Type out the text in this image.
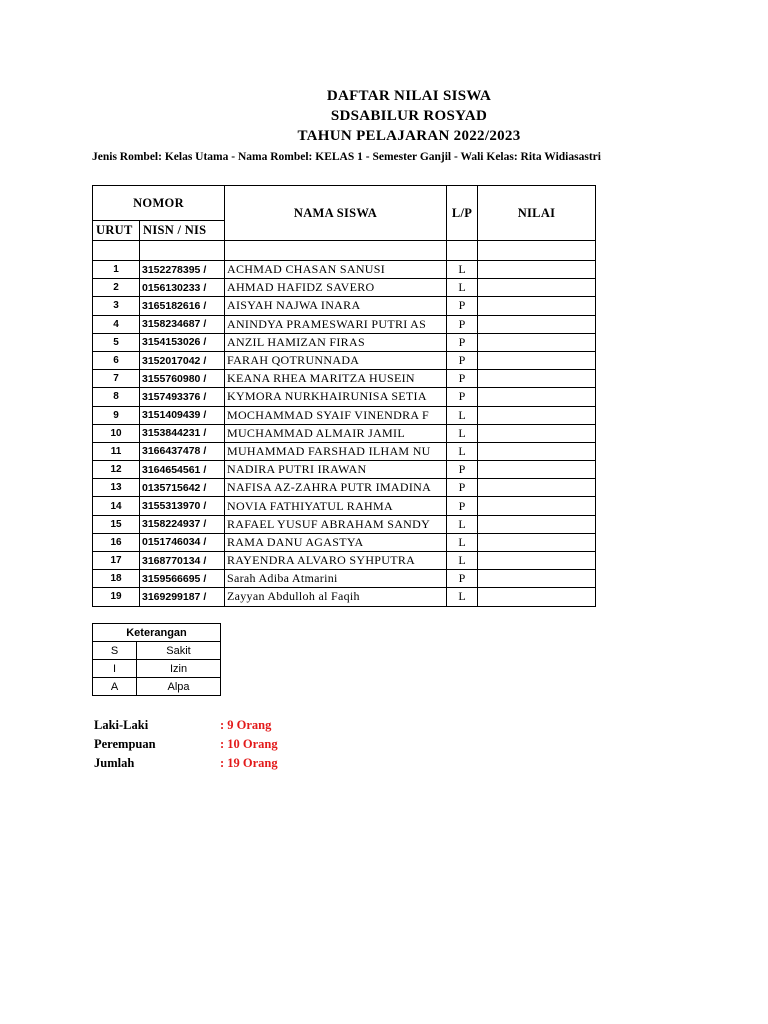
DAFTAR NILAI SISWA
SDSABILUR ROSYAD
TAHUN PELAJARAN 2022/2023
Jenis Rombel: Kelas Utama - Nama Rombel: KELAS 1 - Semester Ganjil - Wali Kelas: Rita Widiasastri
NOMOR		NAMA SISWA	L/P	NILAI
URUT	NISN / NIS			

1	3152278395 /	ACHMAD CHASAN SANUSI	L	
2	0156130233 /	AHMAD HAFIDZ SAVERO	L	
3	3165182616 /	AISYAH NAJWA INARA	P	
4	3158234687 /	ANINDYA PRAMESWARI PUTRI AS	P	
5	3154153026 /	ANZIL HAMIZAN FIRAS	P	
6	3152017042 /	FARAH QOTRUNNADA	P	
7	3155760980 /	KEANA RHEA MARITZA HUSEIN	P	
8	3157493376 /	KYMORA NURKHAIRUNISA SETIA	P	
9	3151409439 /	MOCHAMMAD SYAIF VINENDRA F	L	
10	3153844231 /	MUCHAMMAD ALMAIR JAMIL	L	
11	3166437478 /	MUHAMMAD FARSHAD ILHAM NU	L	
12	3164654561 /	NADIRA PUTRI IRAWAN	P	
13	0135715642 /	NAFISA AZ-ZAHRA PUTR IMADINA	P	
14	3155313970 /	NOVIA FATHIYATUL RAHMA	P	
15	3158224937 /	RAFAEL YUSUF ABRAHAM SANDY	L	
16	0151746034 /	RAMA DANU AGASTYA	L	
17	3168770134 /	RAYENDRA ALVARO SYHPUTRA	L	
18	3159566695 /	Sarah Adiba Atmarini	P	
19	3169299187 /	Zayyan Abdulloh al Faqih	L	
Keterangan	
S	Sakit
I	Izin
A	Alpa
Laki-Laki	: 9 Orang
Perempuan	: 10 Orang
Jumlah	: 19 Orang
